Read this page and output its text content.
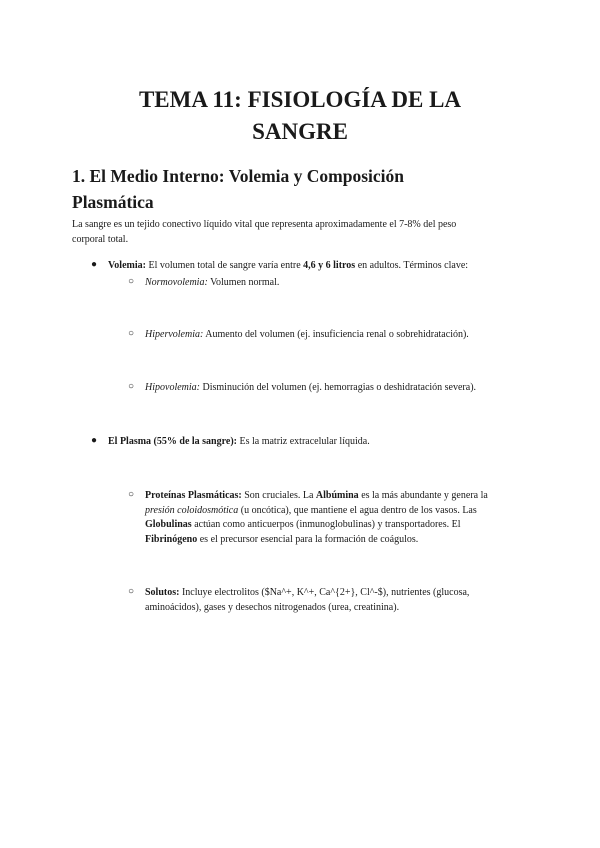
TEMA 11: FISIOLOGÍA DE LA
SANGRE
1. El Medio Interno: Volemia y Composición
Plasmática
La sangre es un tejido conectivo líquido vital que representa aproximadamente el 7-8% del peso
corporal total.
● Volemia: El volumen total de sangre varía entre 4,6 y 6 litros en adultos. Términos clave:
○ Normovolemia: Volumen normal.
○ Hipervolemia: Aumento del volumen (ej. insuficiencia renal o sobrehidratación).
○ Hipovolemia: Disminución del volumen (ej. hemorragias o deshidratación severa).
● El Plasma (55% de la sangre): Es la matriz extracelular líquida.
○ Proteínas Plasmáticas: Son cruciales. La Albúmina es la más abundante y genera la
presión coloidosmótica (u oncótica), que mantiene el agua dentro de los vasos. Las
Globulinas actúan como anticuerpos (inmunoglobulinas) y transportadores. El
Fibrinógeno es el precursor esencial para la formación de coágulos.
○ Solutos: Incluye electrolitos ($Na^+, K^+, Ca^{2+}, Cl^-$), nutrientes (glucosa,
aminoácidos), gases y desechos nitrogenados (urea, creatinina).
